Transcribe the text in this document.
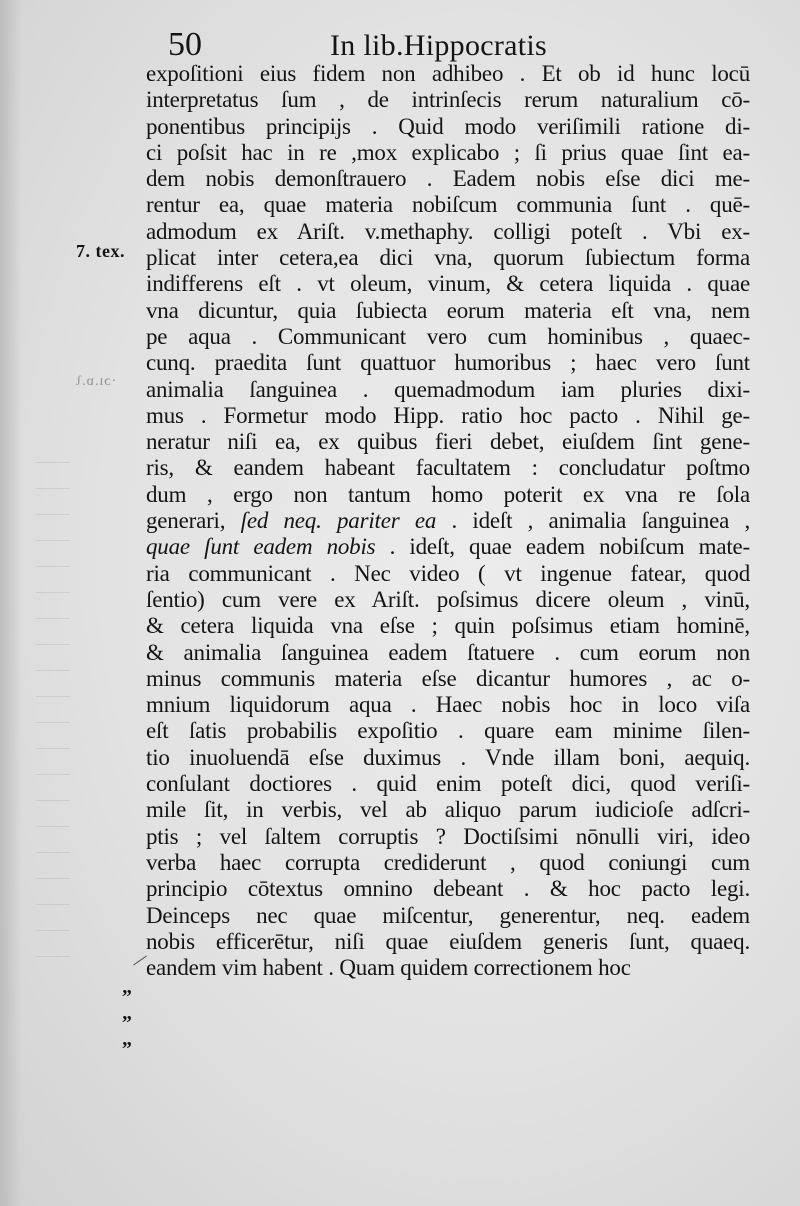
50	In lib.Hippocratis
7. tex.
·ɔɪ.ɒ.ʅ
„
„
„
expoſitioni eius fidem non adhibeo . Et ob id hunc locū
interpretatus ſum , de intrinſecis rerum naturalium cō-
ponentibus principijs . Quid modo veriſimili ratione di-
ci poſsit hac in re ,mox explicabo ; ſi prius quae ſint ea-
dem nobis demonſtrauero . Eadem nobis eſse dici me-
rentur ea, quae materia nobiſcum communia ſunt . quē-
admodum ex Ariſt. v.methaphy. colligi poteſt . Vbi ex-
plicat inter cetera,ea dici vna, quorum ſubiectum forma
indifferens eſt . vt oleum, vinum, & cetera liquida . quae
vna dicuntur, quia ſubiecta eorum materia eſt vna, nem
pe aqua . Communicant vero cum hominibus , quaec-
cunq. praedita ſunt quattuor humoribus ; haec vero ſunt
animalia ſanguinea . quemadmodum iam pluries dixi-
mus . Formetur modo Hipp. ratio hoc pacto . Nihil ge-
neratur niſi ea, ex quibus fieri debet, eiuſdem ſint gene-
ris, & eandem habeant facultatem : concludatur poſtmo
dum , ergo non tantum homo poterit ex vna re ſola
generari, ſed neq. pariter ea . ideſt , animalia ſanguinea ,
quae ſunt eadem nobis . ideſt, quae eadem nobiſcum mate-
ria communicant . Nec video ( vt ingenue fatear, quod
ſentio) cum vere ex Ariſt. poſsimus dicere oleum , vinū,
& cetera liquida vna eſse ; quin poſsimus etiam hominē,
& animalia ſanguinea eadem ſtatuere . cum eorum non
minus communis materia eſse dicantur humores , ac o-
mnium liquidorum aqua . Haec nobis hoc in loco viſa
eſt ſatis probabilis expoſitio . quare eam minime ſilen-
tio inuoluendā eſse duximus . Vnde illam boni, aequiq.
conſulant doctiores . quid enim poteſt dici, quod veriſi-
mile ſit, in verbis, vel ab aliquo parum iudicioſe adſcri-
ptis ; vel ſaltem corruptis ? Doctiſsimi nōnulli viri, ideo
verba haec corrupta crediderunt , quod coniungi cum
principio cōtextus omnino debeant . & hoc pacto legi.
Deinceps nec quae miſcentur, generentur, neq. eadem
nobis efficerētur, niſi quae eiuſdem generis ſunt, quaeq.
eandem vim habent . Quam quidem correctionem hoc
